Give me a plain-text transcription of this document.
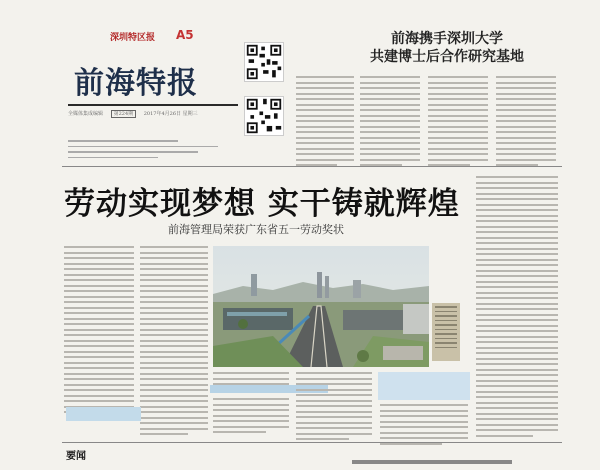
深圳特区报 A5
前海特报
全媒体集成编辑 第224期 2017年4月26日 星期三
前海携手深圳大学
共建博士后合作研究基地
劳动实现梦想 实干铸就辉煌
前海管理局荣获广东省五一劳动奖状
要闻
